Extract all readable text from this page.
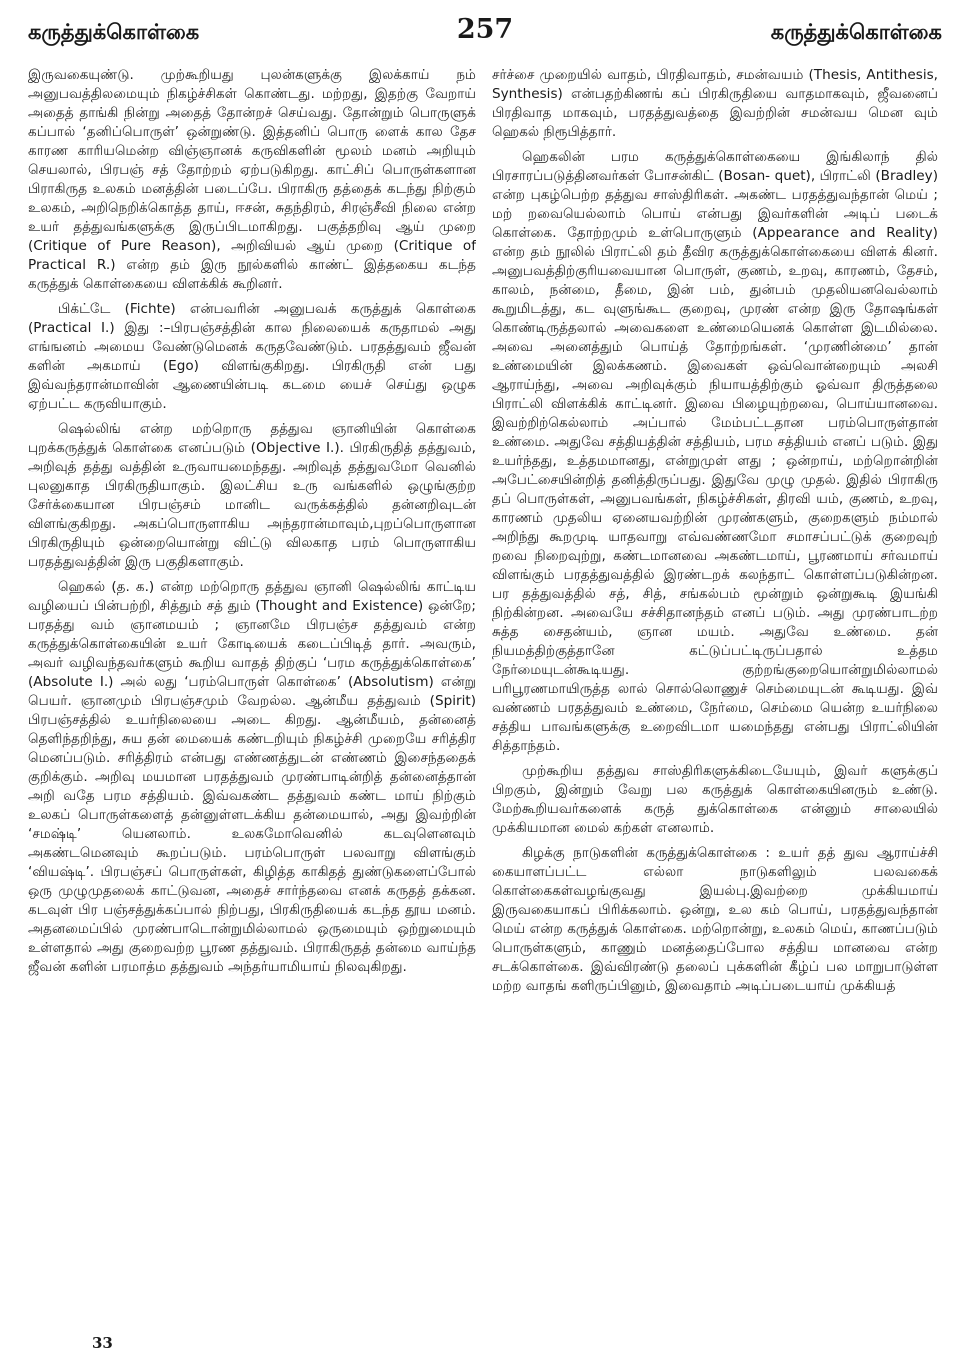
கருத்துக்கொள்கை	257	கருத்துக்கொள்கை

இருவகையுண்டு. முற்கூறியது புலன்களுக்கு இலக்காய் நம் அனுபவத்திலமையும் நிகழ்ச்சிகள் கொண்டது. மற்றது, இதற்கு வேறாய் அதைத் தாங்கி நின்று அதைத் தோன்றச் செய்வது. தோன்றும் பொருளுக் கப்பால் ‘தனிப்பொருள்’ ஒன்றுண்டு. இத்தனிப் பொரு ளைக் கால தேச காரண காரியமென்ற விஞ்ஞானக் கருவிகளின் மூலம் மனம் அறியும் செயலால், பிரபஞ் சத் தோற்றம் ஏற்படுகிறது. காட்சிப் பொருள்களான பிராகிருத உலகம் மனத்தின் படைப்பே. பிராகிரு தத்தைக் கடந்து நிற்கும் உலகம், அறிநெறிக்கொத்த தாய், ஈசன், சுதந்திரம், சிரஞ்சீவி நிலை என்ற உயர் தத்துவங்களுக்கு இருப்பிடமாகிறது. பகுத்தறிவு ஆய் முறை (Critique of Pure Reason), அறிவியல் ஆய் முறை (Critique of Practical R.) என்ற தம் இரு நூல்களில் காண்ட் இத்தகைய கடந்த கருத்துக் கொள்கையை விளக்கிக் கூறினர்.

பிக்ட்டே (Fichte) என்பவரின் அனுபவக் கருத்துக் கொள்கை (Practical I.) இது :–பிரபஞ்சத்தின் கால நிலையைக் கருதாமல் அது எங்ஙனம் அமைய வேண்டுமெனக் கருதவேண்டும். பரதத்துவம் ஜீவன் களின் அகமாய் (Ego) விளங்குகிறது. பிரகிருதி என் பது இவ்வந்தரான்மாவின் ஆணையின்படி கடமை யைச் செய்து ஒழுக ஏற்பட்ட கருவியாகும்.

ஷெல்லிங் என்ற மற்றொரு தத்துவ ஞானியின் கொள்கை புறக்கருத்துக் கொள்கை எனப்படும் (Objective I.). பிரகிருதித் தத்துவம், அறிவுத் தத்து வத்தின் உருவாயமைந்தது. அறிவுத் தத்துவமோ வெனில் புலனுகாத பிரகிருதியாகும். இலட்சிய உரு வங்களில் ஒழுங்குற்ற சேர்க்கையான பிரபஞ்சம் மானிட வருக்கத்தில் தன்னறிவுடன் விளங்குகிறது. அகப்பொருளாகிய அந்தரான்மாவும்,புறப்பொருளான பிரகிருதியும் ஒன்றையொன்று விட்டு விலகாத பரம் பொருளாகிய பரதத்துவத்தின் இரு பகுதிகளாகும்.

ஹெகல் (த. க.) என்ற மற்றொரு தத்துவ ஞானி ஷெல்லிங் காட்டிய வழியைப் பின்பற்றி, சித்தும் சத் தும் (Thought and Existence) ஒன்றே; பரதத்து வம் ஞானமயம் ; ஞானமே பிரபஞ்ச தத்துவம் என்ற கருத்துக்கொள்கையின் உயர் கோடியைக் கடைப்பிடித் தார். அவரும், அவர் வழிவந்தவர்களும் கூறிய வாதத் திற்குப் ‘பரம கருத்துக்கொள்கை’ (Absolute I.) அல் லது ‘பரம்பொருள் கொள்கை’ (Absolutism) என்று பெயர். ஞானமும் பிரபஞ்சமும் வேறல்ல. ஆன்மீய தத்துவம் (Spirit) பிரபஞ்சத்தில் உயர்நிலையை அடை கிறது. ஆன்மீயம், தன்னைத் தெளிந்தறிந்து, சுய தன் மையைக் கண்டறியும் நிகழ்ச்சி முறையே சரித்திர மெனப்படும். சரித்திரம் என்பது எண்ணத்துடன் எண்ணம் இசைந்ததைக் குறிக்கும். அறிவு மயமான பரதத்துவம் முரண்பாடின்றித் தன்னைத்தான் அறி வதே பரம சத்தியம். இவ்வகண்ட தத்துவம் கண்ட மாய் நிற்கும் உலகப் பொருள்களைத் தன்னுள்ளடக்கிய தன்மையால், அது இவற்றின் ‘சமஷ்டி’ யெனலாம். உலகமோவெனில் கடவுளெனவும் அகண்டமெனவும் கூறப்படும். பரம்பொருள் பலவாறு விளங்கும் ‘வியஷ்டி’. பிரபஞ்சப் பொருள்கள், கிழித்த காகிதத் துண்டுகளைப்போல் ஒரு முழுமுதலைக் காட்டுவன, அதைச் சார்ந்தவை எனக் கருதத் தக்கன. கடவுள் பிர பஞ்சத்துக்கப்பால் நிற்பது, பிரகிருதியைக் கடந்த தூய மனம். அதனமைப்பில் முரண்பாடொன்றுமில்லாமல் ஒருமையும் ஒற்றுமையும் உள்ளதால் அது குறைவற்ற பூரண தத்துவம். பிராகிருதத் தன்மை வாய்ந்த ஜீவன் களின் பரமாத்ம தத்துவம் அந்தர்யாமியாய் நிலவுகிறது.

சர்ச்சை முறையில் வாதம், பிரதிவாதம், சமன்வயம் (Thesis, Antithesis, Synthesis) என்பதற்கிணங் கப் பிரகிருதியை வாதமாகவும், ஜீவனைப் பிரதிவாத மாகவும், பரதத்துவத்தை இவற்றின் சமன்வய மென வும் ஹெகல் நிரூபித்தார்.

ஹெகலின் பரம கருத்துக்கொள்கையை இங்கிலாந் தில் பிரசாரப்படுத்தினவர்கள் போசன்கிட் (Bosan- quet), பிராட்லி (Bradley) என்ற புகழ்பெற்ற தத்துவ சாஸ்திரிகள். அகண்ட பரதத்துவந்தான் மெய் ; மற் றவையெல்லாம் பொய் என்பது இவர்களின் அடிப் படைக் கொள்கை. தோற்றமும் உள்பொருளும் (Appearance and Reality) என்ற தம் நூலில் பிராட்லி தம் தீவிர கருத்துக்கொள்கையை விளக் கினர். அனுபவத்திற்குரியவையான பொருள், குணம், உறவு, காரணம், தேசம், காலம், நன்மை, தீமை, இன் பம், துன்பம் முதலியனவெல்லாம் கூறுமிடத்து, கட வுளுங்கூட குறைவு, முரண் என்ற இரு தோஷங்கள் கொண்டிருத்தலால் அவைகளை உண்மையெனக் கொள்ள இடமில்லை. அவை அனைத்தும் பொய்த் தோற்றங்கள். ‘முரணின்மை’ தான் உண்மையின் இலக்கணம். இவைகள் ஒவ்வொன்றையும் அலசி ஆராய்ந்து, அவை அறிவுக்கும் நியாயத்திற்கும் ஓவ்வா திருத்தலை பிராட்லி விளக்கிக் காட்டினர். இவை பிழையுற்றவை, பொய்யானவை. இவற்றிற்கெல்லாம் அப்பால் மேம்பட்டதான பரம்பொருள்தான் உண்மை. அதுவே சத்தியத்தின் சத்தியம், பரம சத்தியம் எனப் படும். இது உயர்ந்தது, உத்தமமானது, என்றுமுள் ளது ; ஒன்றாய், மற்றொன்றின் அபேட்சையின்றித் தனித்திருப்பது. இதுவே முழு முதல். இதில் பிராகிரு தப் பொருள்கள், அனுபவங்கள், நிகழ்ச்சிகள், திரவி யம், குணம், உறவு, காரணம் முதலிய ஏனையவற்றின் முரண்களும், குறைகளும் நம்மால் அறிந்து கூறமுடி யாதவாறு எவ்வண்ணமோ சமாசப்பட்டுக் குறைவுற் றவை நிறைவுற்று, கண்டமானவை அகண்டமாய், பூரணமாய் சர்வமாய் விளங்கும் பரதத்துவத்தில் இரண்டறக் கலந்தாட் கொள்ளப்படுகின்றன. பர தத்துவத்தில் சத், சித், சங்கல்பம் மூன்றும் ஒன்றுகூடி இயங்கி நிற்கின்றன. அவையே சச்சிதானந்தம் எனப் படும். அது முரண்பாடற்ற சுத்த சைதன்யம், ஞான மயம். அதுவே உண்மை. தன் நியமத்திற்குத்தானே கட்டுப்பட்டிருப்பதால் உத்தம நேர்மையுடன்கூடியது. குற்றங்குறையொன்றுமில்லாமல் பரிபூரணமாயிருத்த லால் சொல்லொணுச் செம்மையுடன் கூடியது. இவ் வண்ணம் பரதத்துவம் உண்மை, நேர்மை, செம்மை யென்ற உயர்நிலை சத்திய பாவங்களுக்கு உறைவிடமா யமைந்தது என்பது பிராட்லியின் சித்தாந்தம்.

முற்கூறிய தத்துவ சாஸ்திரிகளுக்கிடையேயும், இவர் களுக்குப் பிறகும், இன்றும் வேறு பல கருத்துக் கொள்கையினரும் உண்டு. மேற்கூறியவர்களைக் கருத் துக்கொள்கை என்னும் சாலையில் முக்கியமான மைல் கற்கள் எனலாம்.

கிழக்கு நாடுகளின் கருத்துக்கொள்கை : உயர் தத் துவ ஆராய்ச்சி கையாளப்பட்ட எல்லா நாடுகளிலும் பலவகைக் கொள்கைகள்வழங்குவது இயல்பு.இவற்றை முக்கியமாய் இருவகையாகப் பிரிக்கலாம். ஒன்று, உல கம் பொய், பரதத்துவந்தான் மெய் என்ற கருத்துக் கொள்கை. மற்றொன்று, உலகம் மெய், காணப்படும் பொருள்களும், காணும் மனத்தைப்போல சத்திய மானவை என்ற சடக்கொள்கை. இவ்விரண்டு தலைப் புக்களின் கீழ்ப் பல மாறுபாடுள்ள மற்ற வாதங் களிருப்பினும், இவைதாம் அடிப்படையாய் முக்கியத்

33
